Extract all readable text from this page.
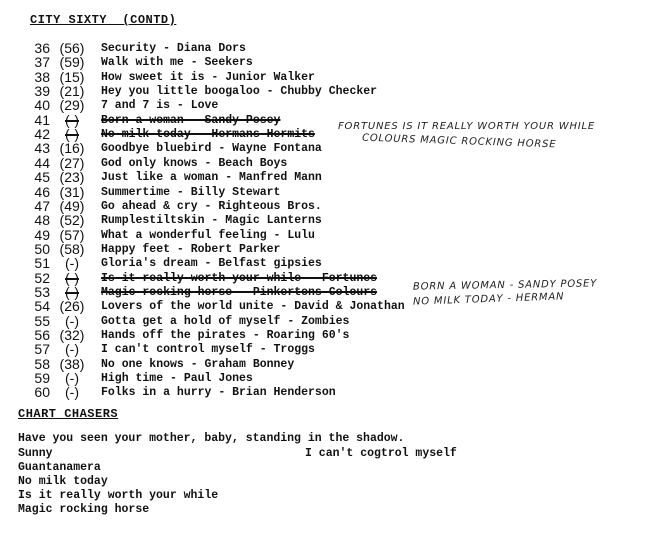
CITY SIXTY  (CONTD)
36 (56)	Security - Diana Dors
37 (59)	Walk with me - Seekers
38 (15)	How sweet it is - Junior Walker
39 (21)	Hey you little boogaloo - Chubby Checker
40 (29)	7 and 7 is - Love
41	(-)	Born a woman - Sandy Posey
42	(-)	No milk today - Hermans Hermits
43 (16)	Goodbye bluebird - Wayne Fontana
44 (27)	God only knows - Beach Boys
45 (23)	Just like a woman - Manfred Mann
46 (31)	Summertime - Billy Stewart
47 (49)	Go ahead & cry - Righteous Bros.
48 (52)	Rumplestiltskin - Magic Lanterns
49 (57)	What a wonderful feeling - Lulu
50 (58)	Happy feet - Robert Parker
51	(-)	Gloria's dream - Belfast gipsies
52	(-)	Is it really worth your while - Fortunes
53	(-)	Magic rocking horse - Pinkertons Colours
54 (26)	Lovers of the world unite - David & Jonathan
55	(-)	Gotta get a hold of myself - Zombies
56 (32)	Hands off the pirates - Roaring 60's
57	(-)	I can't control myself - Troggs
58 (38)	No one knows - Graham Bonney
59	(-)	High time - Paul Jones
60	(-)	Folks in a hurry - Brian Henderson
FORTUNES IS IT REALLY WORTH YOUR WHILE
COLOURS MAGIC ROCKING HORSE
BORN A WOMAN - SANDY POSEY
NO MILK TODAY - HERMAN
CHART CHASERS
Have you seen your mother, baby, standing in the shadow.
Sunny	I can't cogtrol myself
Guantanamera
No milk today
Is it really worth your while
Magic rocking horse
